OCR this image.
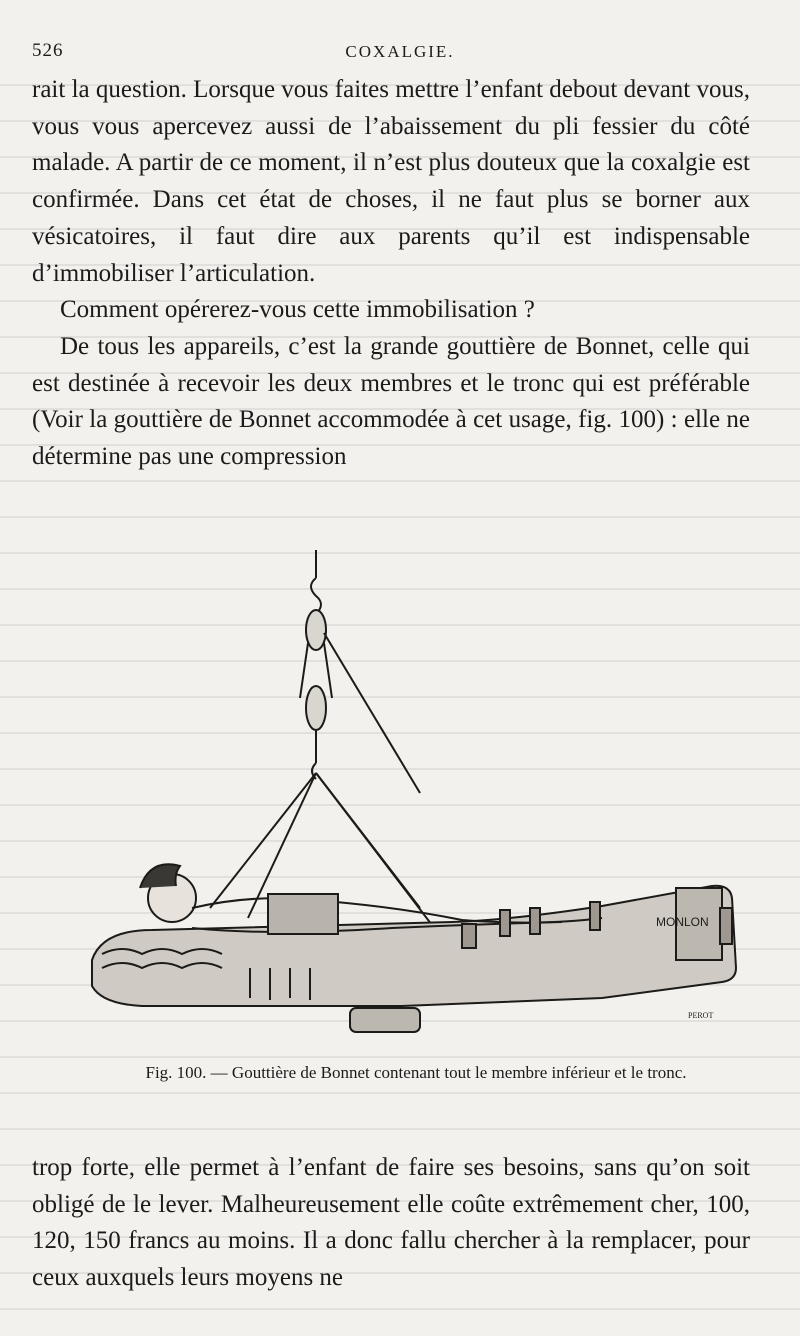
526	COXALGIE.

rait la question. Lorsque vous faites mettre l’enfant debout devant vous, vous vous apercevez aussi de l’abaissement du pli fessier du côté malade. A partir de ce moment, il n’est plus douteux que la coxalgie est confirmée. Dans cet état de choses, il ne faut plus se borner aux vésicatoires, il faut dire aux parents qu’il est indispensable d’immobiliser l’articulation.

Comment opérerez-vous cette immobilisation ?

De tous les appareils, c’est la grande gouttière de Bonnet, celle qui est destinée à recevoir les deux membres et le tronc qui est préférable (Voir la gouttière de Bonnet accommodée à cet usage, fig. 100) : elle ne détermine pas une compression

MONLON
PEROT
Fig. 100. — Gouttière de Bonnet contenant tout le membre inférieur et le tronc.

trop forte, elle permet à l’enfant de faire ses besoins, sans qu’on soit obligé de le lever. Malheureusement elle coûte extrêmement cher, 100, 120, 150 francs au moins. Il a donc fallu chercher à la remplacer, pour ceux auxquels leurs moyens ne
